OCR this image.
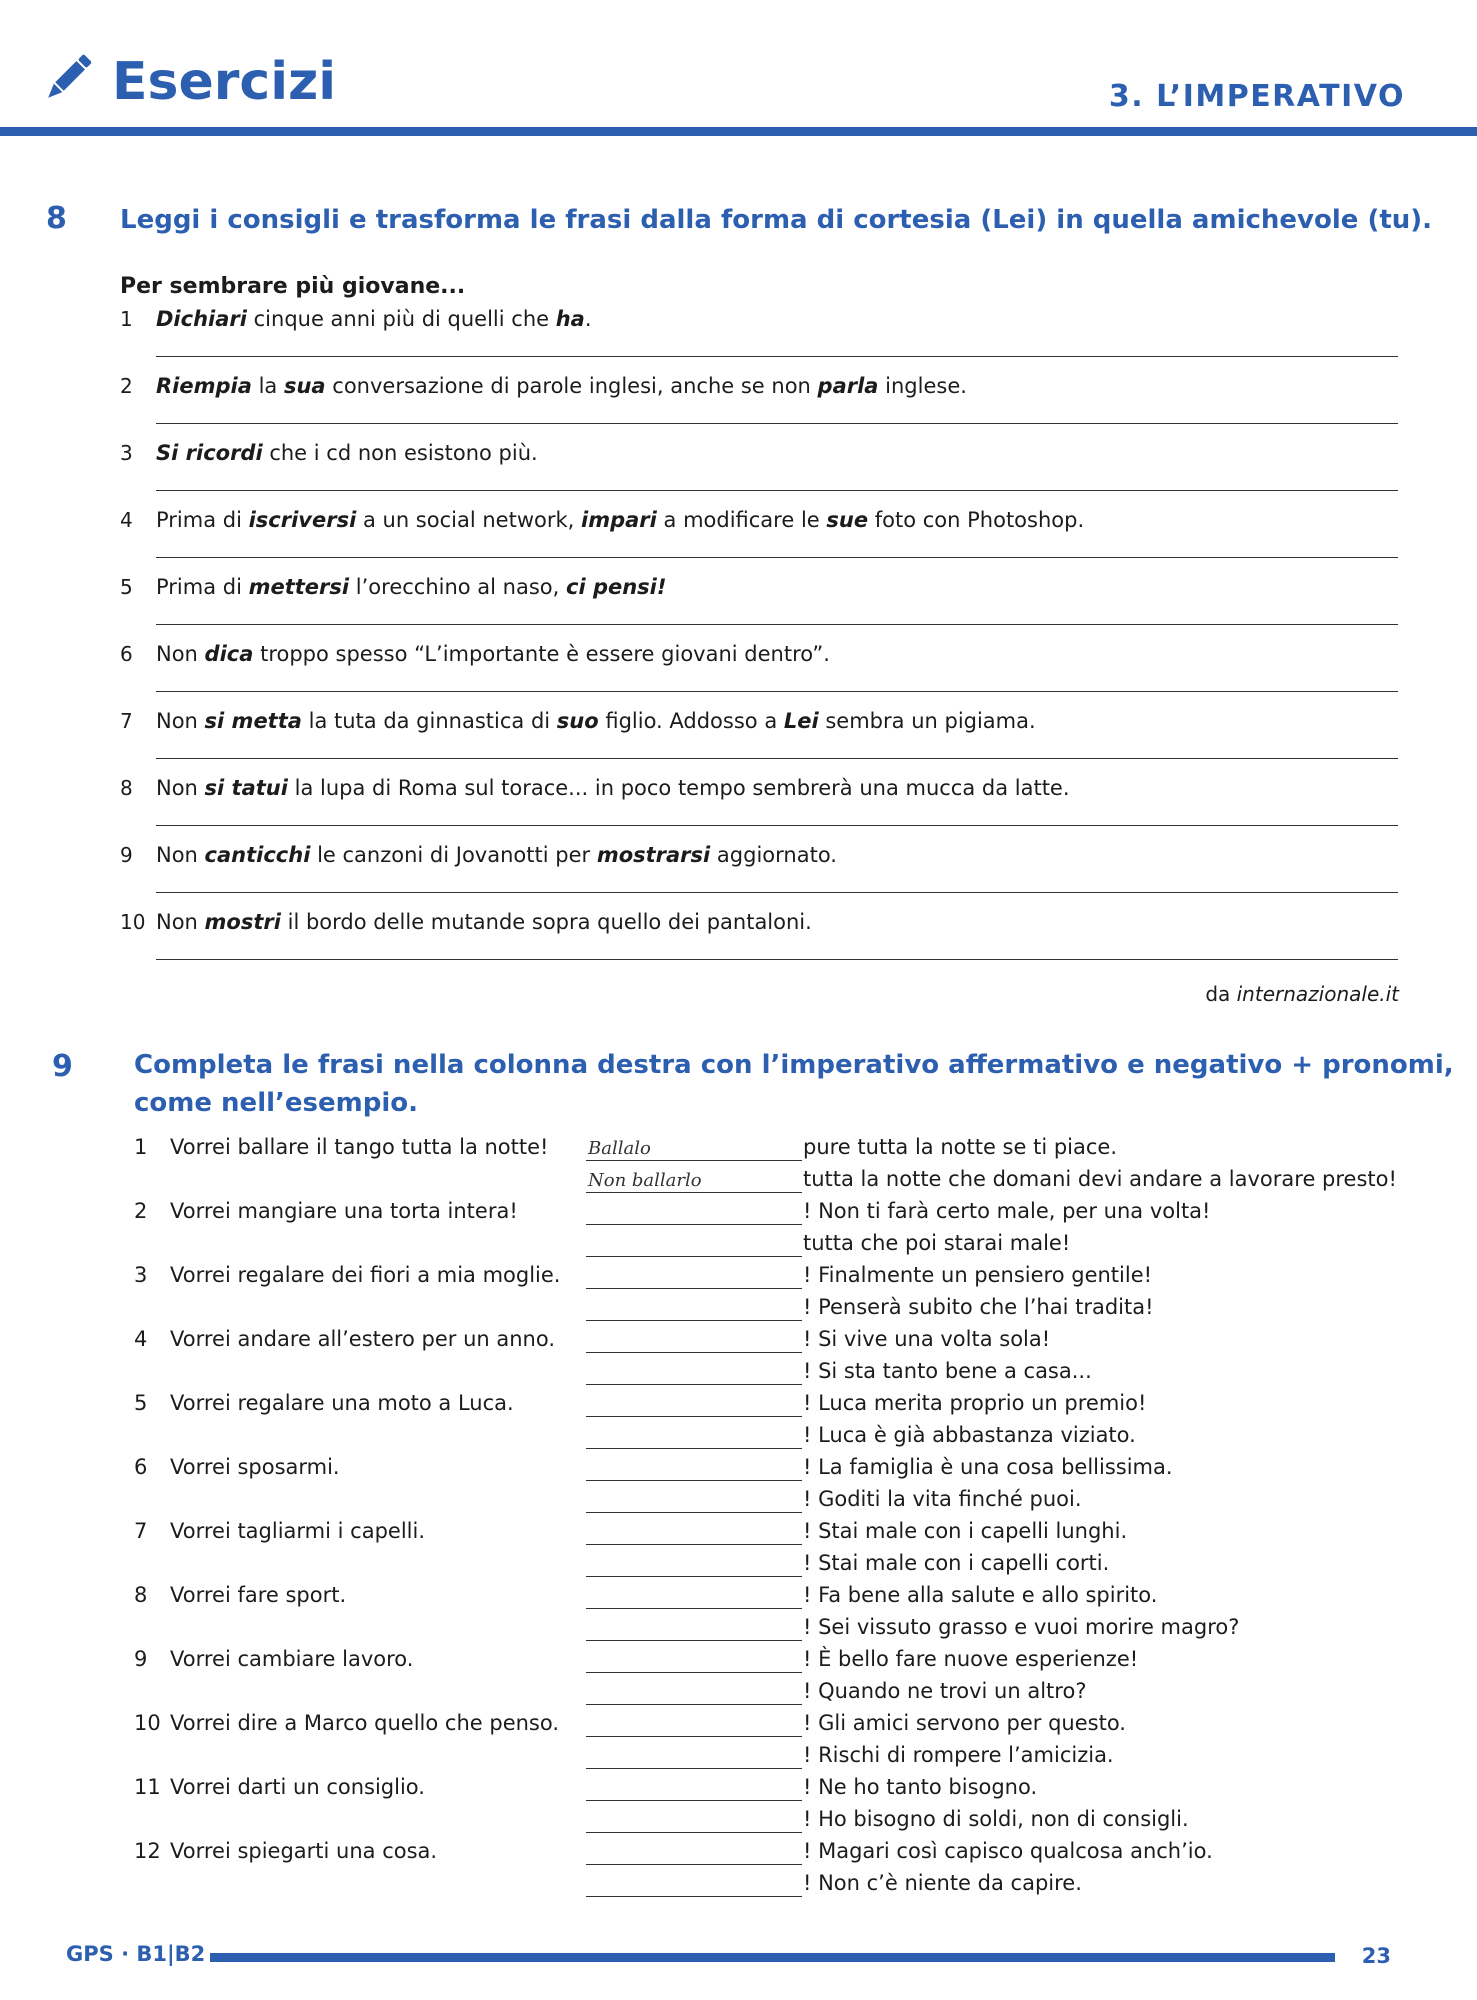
Esercizi	3. L’IMPERATIVO
8 Leggi i consigli e trasforma le frasi dalla forma di cortesia (Lei) in quella amichevole (tu).
Per sembrare più giovane...
1	Dichiari cinque anni più di quelli che ha.
2	Riempia la sua conversazione di parole inglesi, anche se non parla inglese.
3	Si ricordi che i cd non esistono più.
4	Prima di iscriversi a un social network, impari a modificare le sue foto con Photoshop.
5	Prima di mettersi l’orecchino al naso, ci pensi!
6	Non dica troppo spesso “L’importante è essere giovani dentro”.
7	Non si metta la tuta da ginnastica di suo figlio. Addosso a Lei sembra un pigiama.
8	Non si tatui la lupa di Roma sul torace... in poco tempo sembrerà una mucca da latte.
9	Non canticchi le canzoni di Jovanotti per mostrarsi aggiornato.
10 Non mostri il bordo delle mutande sopra quello dei pantaloni.
da internazionale.it
9 Completa le frasi nella colonna destra con l’imperativo affermativo e negativo + pronomi,
come nell’esempio.
1 Vorrei ballare il tango tutta la notte! Ballalo	pure tutta la notte se ti piace.
Non ballarlo	tutta la notte che domani devi andare a lavorare presto!
2 Vorrei mangiare una torta intera!	! Non ti farà certo male, per una volta!
tutta che poi starai male!
3 Vorrei regalare dei fiori a mia moglie.	! Finalmente un pensiero gentile!
! Penserà subito che l’hai tradita!
4 Vorrei andare all’estero per un anno.	! Si vive una volta sola!
! Si sta tanto bene a casa...
5 Vorrei regalare una moto a Luca.	! Luca merita proprio un premio!
! Luca è già abbastanza viziato.
6 Vorrei sposarmi.	! La famiglia è una cosa bellissima.
! Goditi la vita finché puoi.
7 Vorrei tagliarmi i capelli.	! Stai male con i capelli lunghi.
! Stai male con i capelli corti.
8 Vorrei fare sport.	! Fa bene alla salute e allo spirito.
! Sei vissuto grasso e vuoi morire magro?
9 Vorrei cambiare lavoro.	! È bello fare nuove esperienze!
! Quando ne trovi un altro?
10 Vorrei dire a Marco quello che penso.	! Gli amici servono per questo.
! Rischi di rompere l’amicizia.
11 Vorrei darti un consiglio.	! Ne ho tanto bisogno.
! Ho bisogno di soldi, non di consigli.
12 Vorrei spiegarti una cosa.	! Magari così capisco qualcosa anch’io.
! Non c’è niente da capire.
GPS · B1|B2	23
